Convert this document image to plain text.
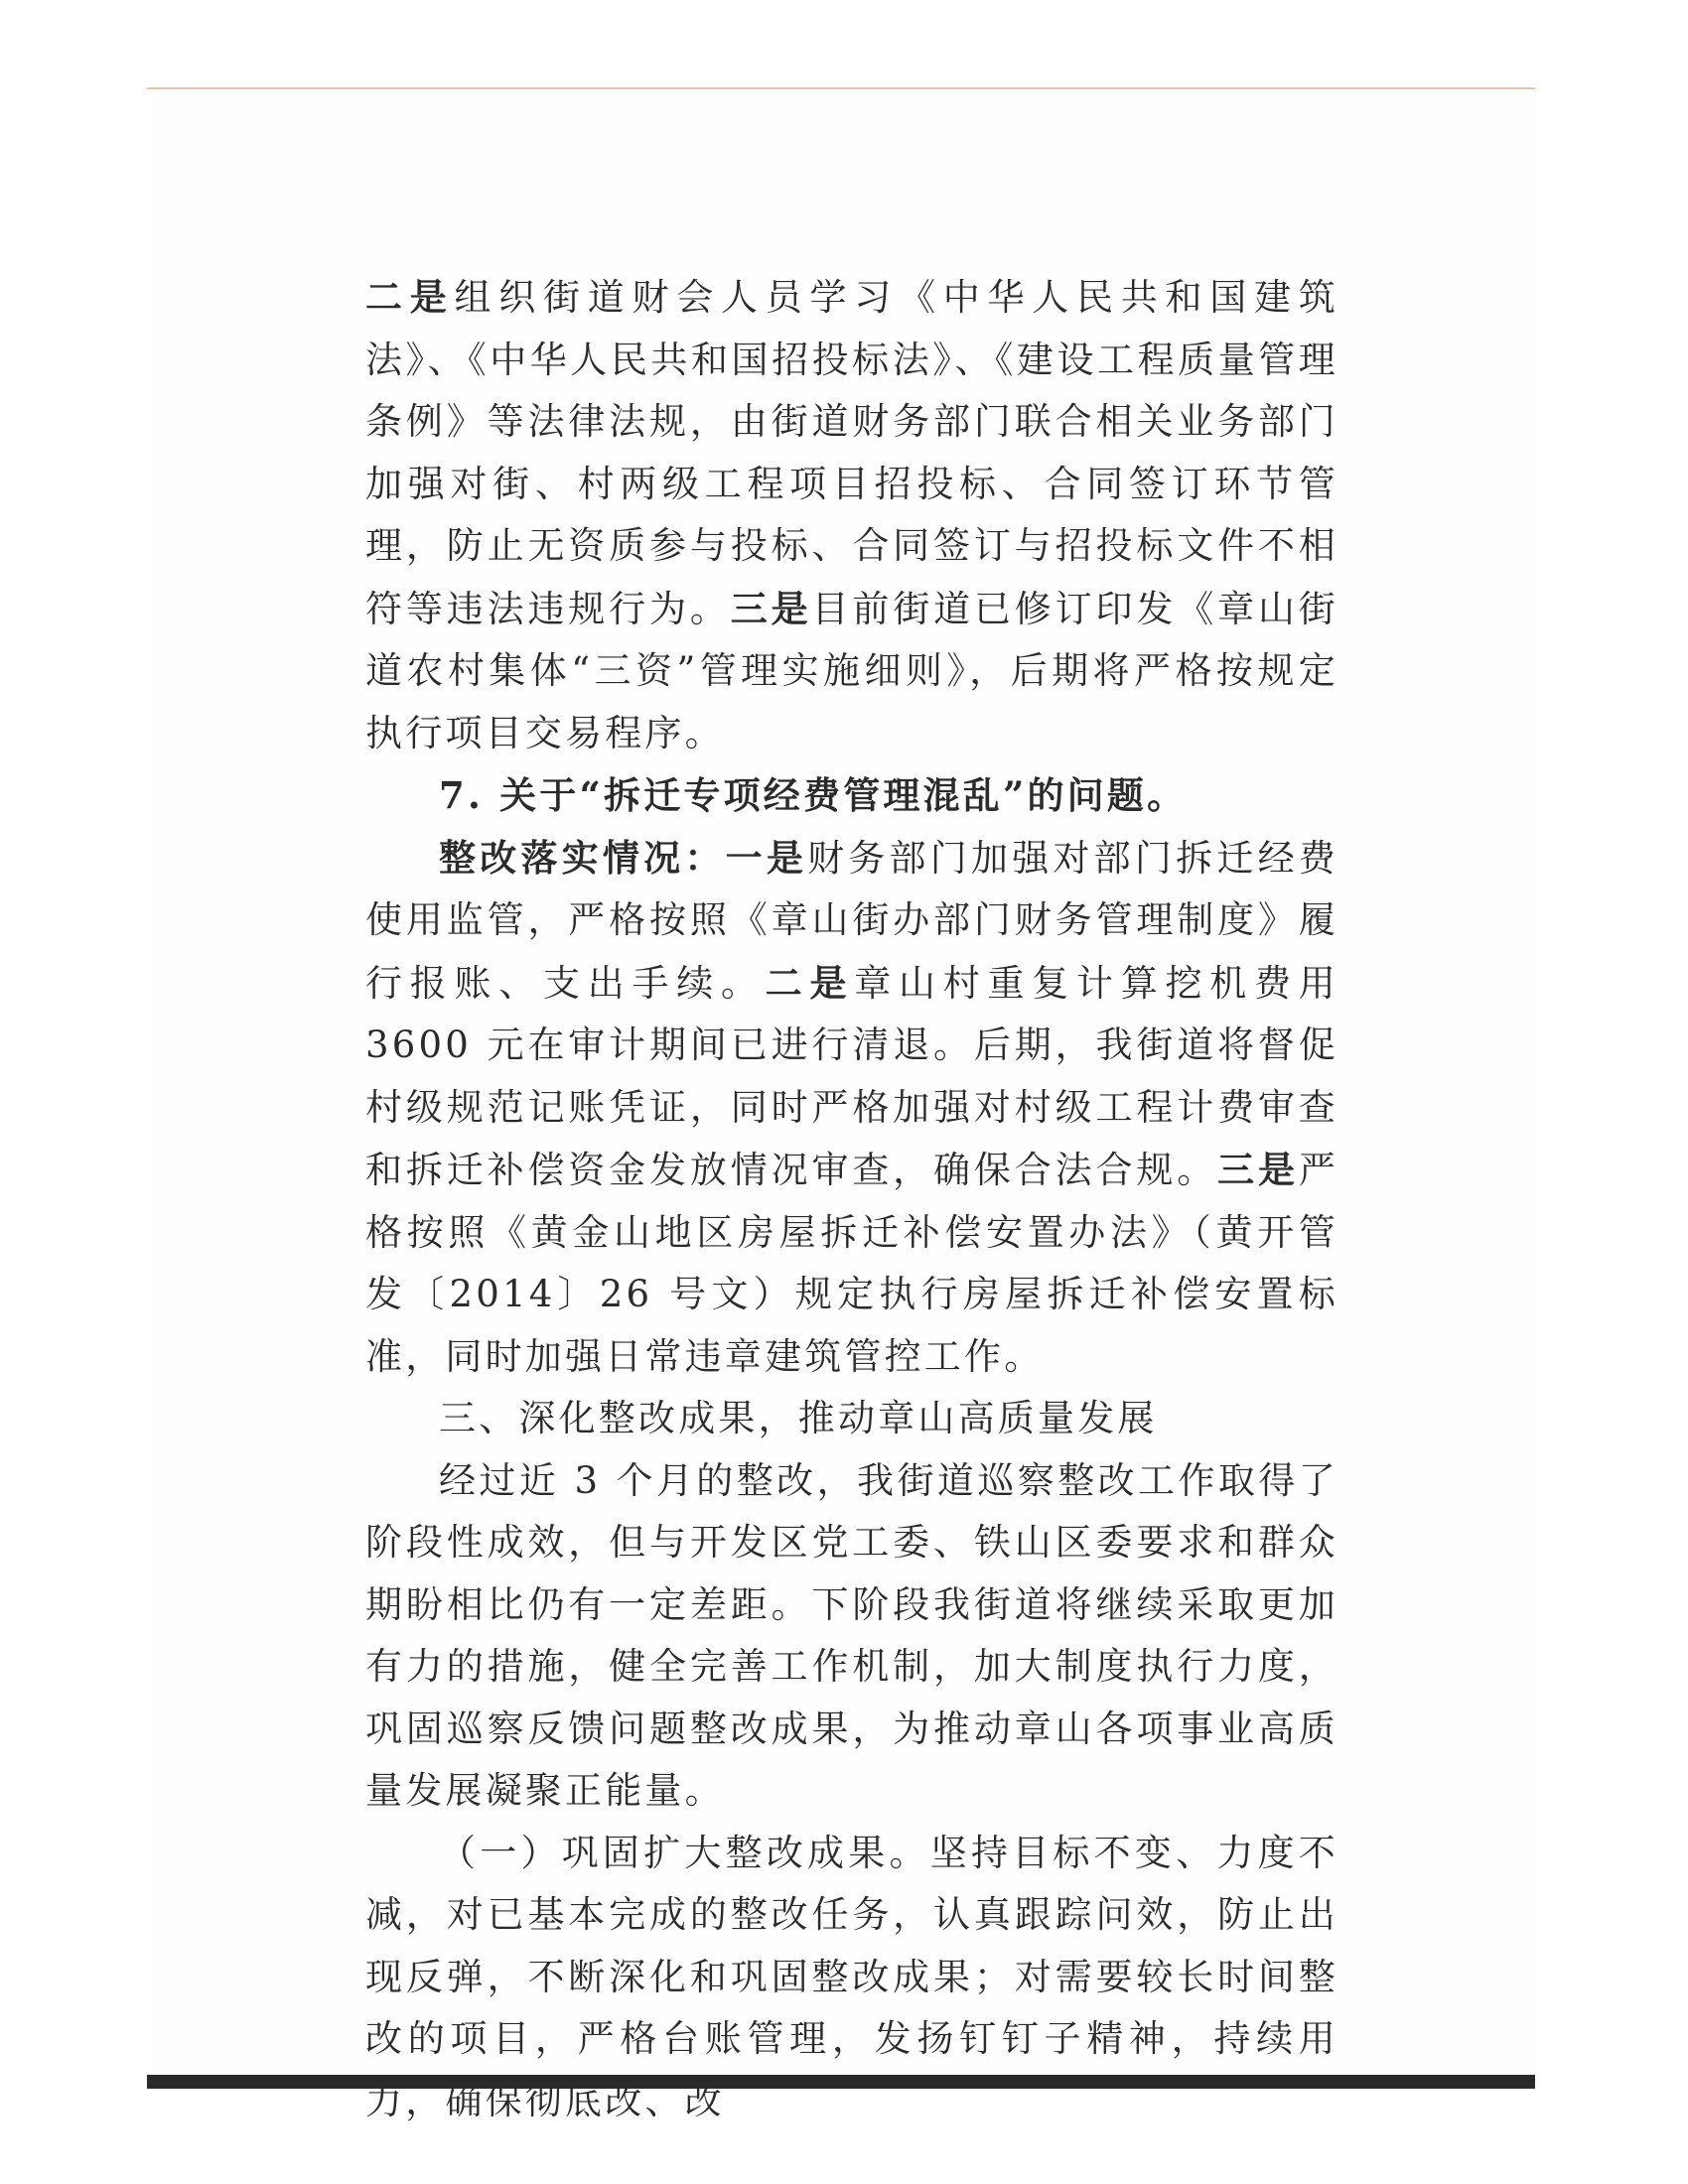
二是组织街道财会人员学习《中华人民共和国建筑法》、《中华人民共和国招投标法》、《建设工程质量管理条例》等法律法规，由街道财务部门联合相关业务部门加强对街、村两级工程项目招投标、合同签订环节管理，防止无资质参与投标、合同签订与招投标文件不相符等违法违规行为。三是目前街道已修订印发《章山街道农村集体“三资”管理实施细则》，后期将严格按规定执行项目交易程序。

7. 关于“拆迁专项经费管理混乱”的问题。

整改落实情况：一是财务部门加强对部门拆迁经费使用监管，严格按照《章山街办部门财务管理制度》履行报账、支出手续。二是章山村重复计算挖机费用 3600 元在审计期间已进行清退。后期，我街道将督促村级规范记账凭证，同时严格加强对村级工程计费审查和拆迁补偿资金发放情况审查，确保合法合规。三是严格按照《黄金山地区房屋拆迁补偿安置办法》（黄开管发〔2014〕26 号文）规定执行房屋拆迁补偿安置标准，同时加强日常违章建筑管控工作。

三、深化整改成果，推动章山高质量发展

经过近 3 个月的整改，我街道巡察整改工作取得了阶段性成效，但与开发区党工委、铁山区委要求和群众期盼相比仍有一定差距。下阶段我街道将继续采取更加有力的措施，健全完善工作机制，加大制度执行力度，巩固巡察反馈问题整改成果，为推动章山各项事业高质量发展凝聚正能量。

（一）巩固扩大整改成果。坚持目标不变、力度不减，对已基本完成的整改任务，认真跟踪问效，防止出现反弹，不断深化和巩固整改成果；对需要较长时间整改的项目，严格台账管理，发扬钉钉子精神，持续用力，确保彻底改、改
